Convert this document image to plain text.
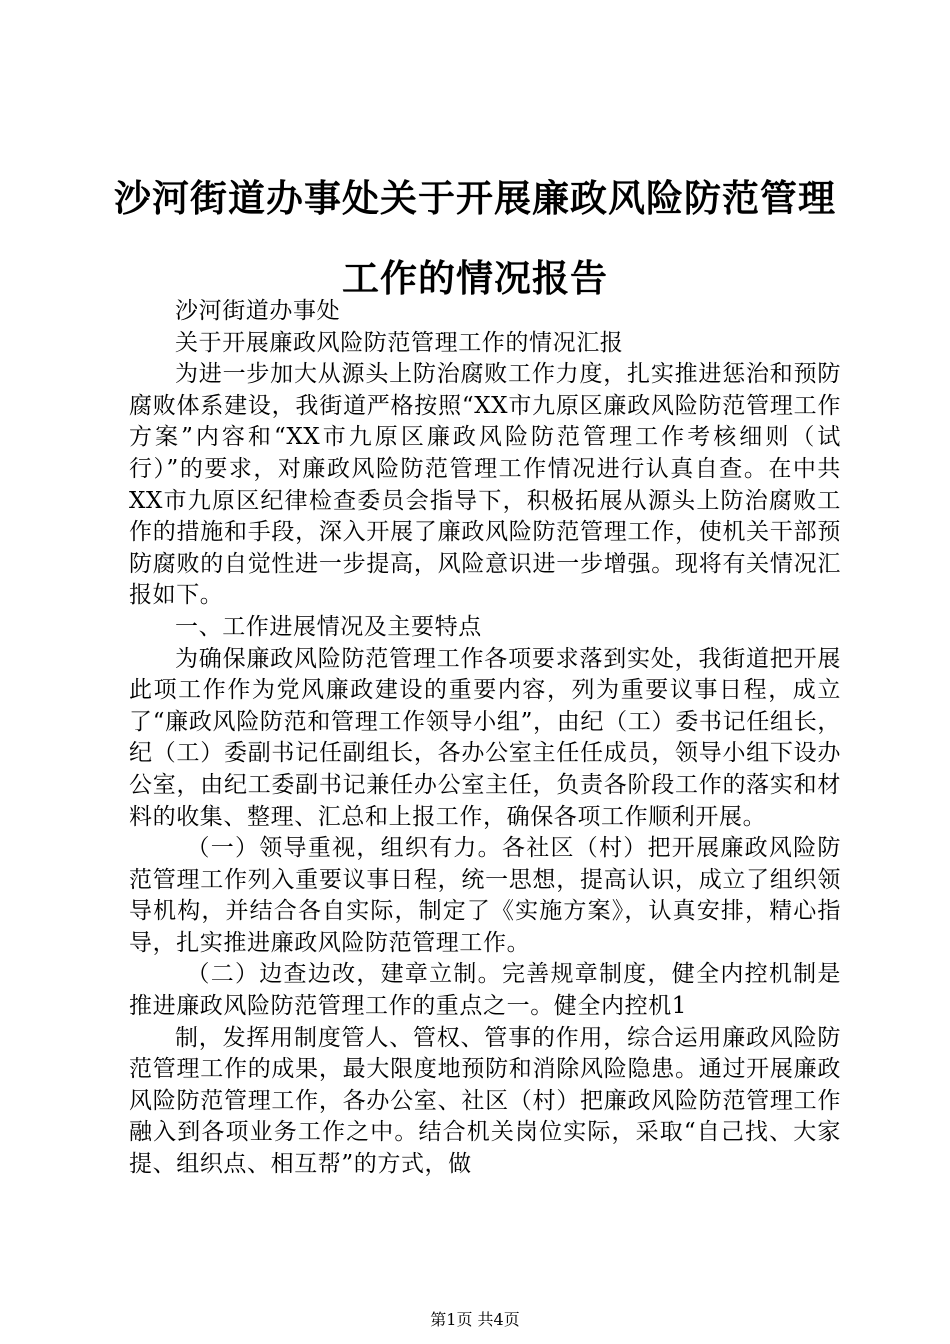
沙河街道办事处关于开展廉政风险防范管理工作的情况报告

沙河街道办事处

关于开展廉政风险防范管理工作的情况汇报

为进一步加大从源头上防治腐败工作力度，扎实推进惩治和预防腐败体系建设，我街道严格按照“XX市九原区廉政风险防范管理工作方案”内容和“XX市九原区廉政风险防范管理工作考核细则（试行）”的要求，对廉政风险防范管理工作情况进行认真自查。在中共XX市九原区纪律检查委员会指导下，积极拓展从源头上防治腐败工作的措施和手段，深入开展了廉政风险防范管理工作，使机关干部预防腐败的自觉性进一步提高，风险意识进一步增强。现将有关情况汇报如下。

一、工作进展情况及主要特点

为确保廉政风险防范管理工作各项要求落到实处，我街道把开展此项工作作为党风廉政建设的重要内容，列为重要议事日程，成立了“廉政风险防范和管理工作领导小组”，由纪（工）委书记任组长，纪（工）委副书记任副组长，各办公室主任任成员，领导小组下设办公室，由纪工委副书记兼任办公室主任，负责各阶段工作的落实和材料的收集、整理、汇总和上报工作，确保各项工作顺利开展。

（一）领导重视，组织有力。各社区（村）把开展廉政风险防范管理工作列入重要议事日程，统一思想，提高认识，成立了组织领导机构，并结合各自实际，制定了《实施方案》，认真安排，精心指导，扎实推进廉政风险防范管理工作。

（二）边查边改，建章立制。完善规章制度，健全内控机制是推进廉政风险防范管理工作的重点之一。健全内控机1

制，发挥用制度管人、管权、管事的作用，综合运用廉政风险防范管理工作的成果，最大限度地预防和消除风险隐患。通过开展廉政风险防范管理工作，各办公室、社区（村）把廉政风险防范管理工作融入到各项业务工作之中。结合机关岗位实际，采取“自己找、大家提、组织点、相互帮”的方式，做

第1页 共4页
